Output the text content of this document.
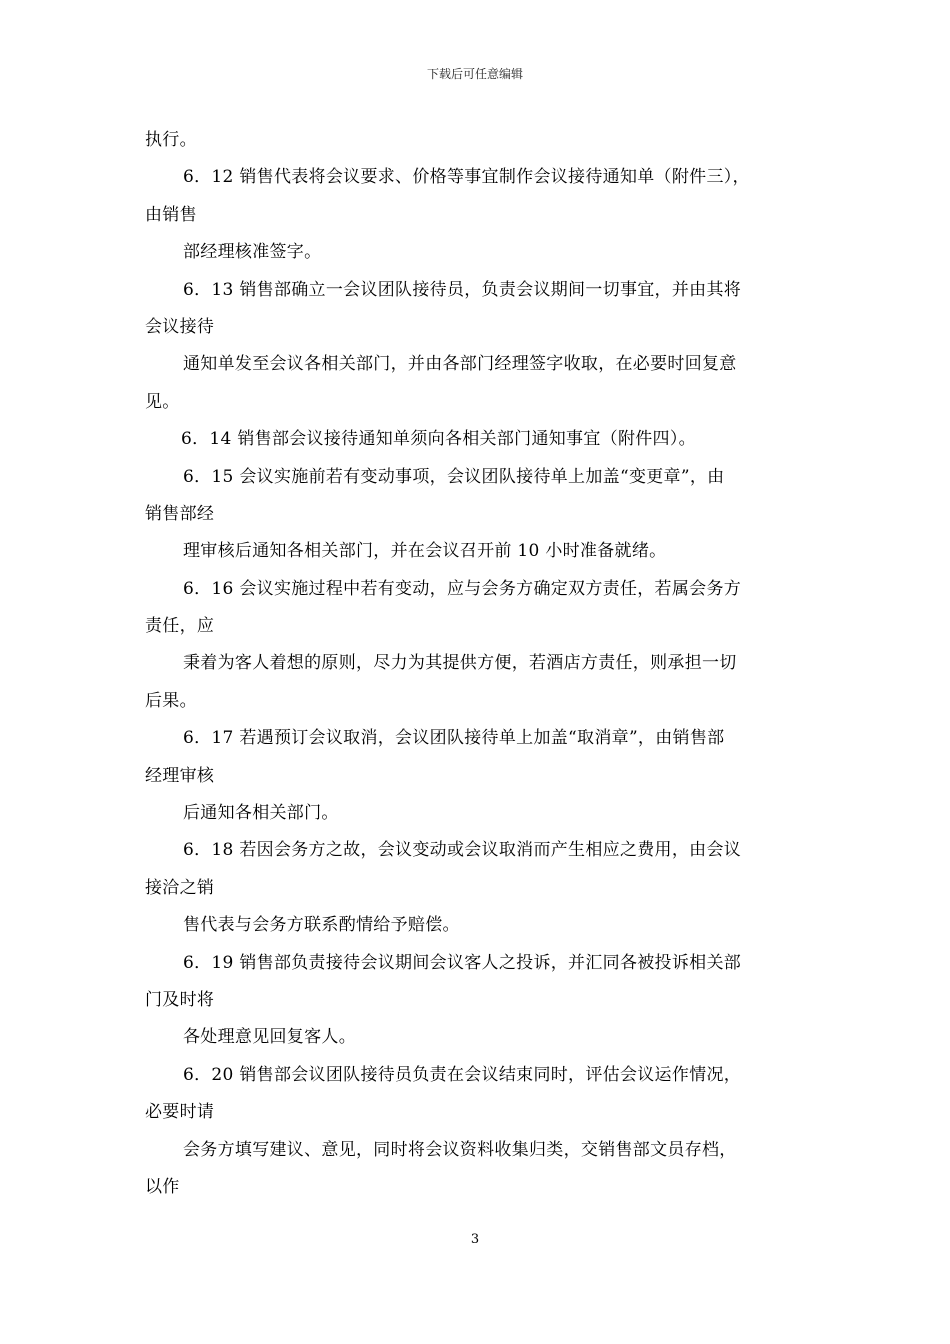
下载后可任意编辑
执行。
6．12 销售代表将会议要求、价格等事宜制作会议接待通知单（附件三），
由销售
部经理核准签字。
6．13 销售部确立一会议团队接待员，负责会议期间一切事宜，并由其将
会议接待
通知单发至会议各相关部门，并由各部门经理签字收取，在必要时回复意
见。
6．14 销售部会议接待通知单须向各相关部门通知事宜（附件四）。
6．15 会议实施前若有变动事项，会议团队接待单上加盖“变更章”，由
销售部经
理审核后通知各相关部门，并在会议召开前 10 小时准备就绪。
6．16 会议实施过程中若有变动，应与会务方确定双方责任，若属会务方
责任，应
秉着为客人着想的原则，尽力为其提供方便，若酒店方责任，则承担一切
后果。
6．17 若遇预订会议取消，会议团队接待单上加盖“取消章”，由销售部
经理审核
后通知各相关部门。
6．18 若因会务方之故，会议变动或会议取消而产生相应之费用，由会议
接洽之销
售代表与会务方联系酌情给予赔偿。
6．19 销售部负责接待会议期间会议客人之投诉，并汇同各被投诉相关部
门及时将
各处理意见回复客人。
6．20 销售部会议团队接待员负责在会议结束同时，评估会议运作情况，
必要时请
会务方填写建议、意见，同时将会议资料收集归类，交销售部文员存档，
以作
3
